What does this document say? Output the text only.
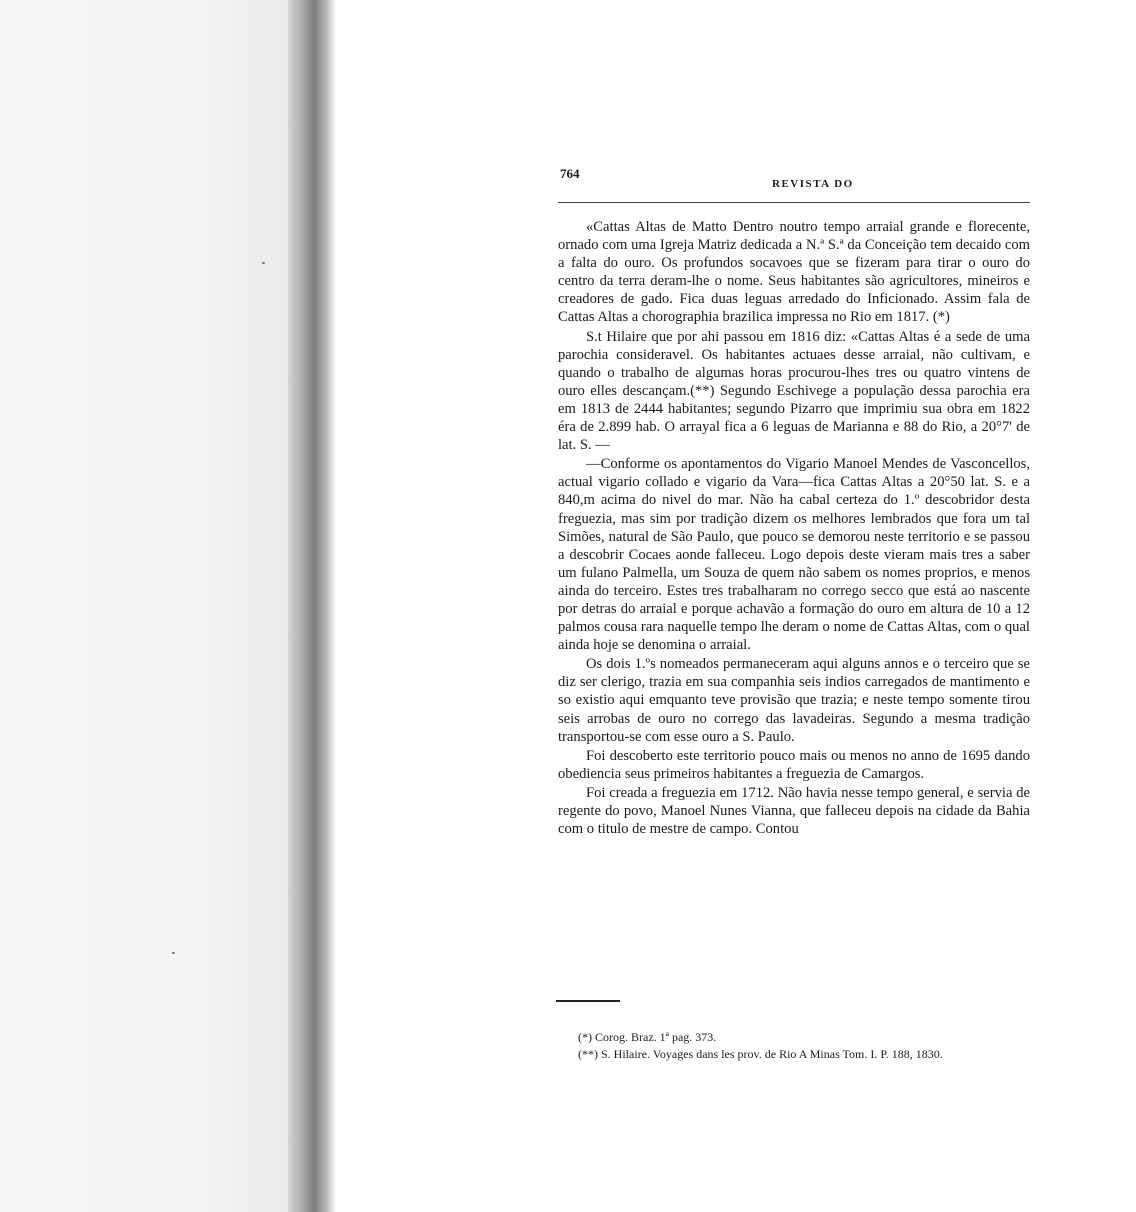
764
REVISTA DO

«Cattas Altas de Matto Dentro noutro tempo arraial grande e florecente, ornado com uma Igreja Matriz dedicada a N.ª S.ª da Conceição tem decaido com a falta do ouro. Os profundos socavoes que se fizeram para tirar o ouro do centro da terra deram-lhe o nome. Seus habitantes são agricultores, mineiros e creadores de gado. Fica duas leguas arredado do Inficionado. Assim fala de Cattas Altas a chorographia brazilica impressa no Rio em 1817. (*)

S.t Hilaire que por ahi passou em 1816 diz: «Cattas Altas é a sede de uma parochia consideravel. Os habitantes actuaes desse arraial, não cultivam, e quando o trabalho de algumas horas procurou-lhes tres ou quatro vintens de ouro elles descançam.(**) Segundo Eschivege a população dessa parochia era em 1813 de 2444 habitantes; segundo Pizarro que imprimiu sua obra em 1822 éra de 2.899 hab. O arrayal fica a 6 leguas de Marianna e 88 do Rio, a 20°7' de lat. S. —

—Conforme os apontamentos do Vigario Manoel Mendes de Vasconcellos, actual vigario collado e vigario da Vara—fica Cattas Altas a 20°50 lat. S. e a 840,m acima do nivel do mar. Não ha cabal certeza do 1.º descobridor desta freguezia, mas sim por tradição dizem os melhores lembrados que fora um tal Simões, natural de São Paulo, que pouco se demorou neste territorio e se passou a descobrir Cocaes aonde falleceu. Logo depois deste vieram mais tres a saber um fulano Palmella, um Souza de quem não sabem os nomes proprios, e menos ainda do terceiro. Estes tres trabalharam no corrego secco que está ao nascente por detras do arraial e porque achavão a formação do ouro em altura de 10 a 12 palmos cousa rara naquelle tempo lhe deram o nome de Cattas Altas, com o qual ainda hoje se denomina o arraial.

Os dois 1.ºs nomeados permaneceram aqui alguns annos e o terceiro que se diz ser clerigo, trazia em sua companhia seis indios carregados de mantimento e so existio aqui emquanto teve provisão que trazia; e neste tempo somente tirou seis arrobas de ouro no corrego das lavadeiras. Segundo a mesma tradição transportou-se com esse ouro a S. Paulo.

Foi descoberto este territorio pouco mais ou menos no anno de 1695 dando obediencia seus primeiros habitantes a freguezia de Camargos.

Foi creada a freguezia em 1712. Não havia nesse tempo general, e servia de regente do povo, Manoel Nunes Vianna, que falleceu depois na cidade da Bahia com o titulo de mestre de campo. Contou

(*) Corog. Braz. 1ª pag. 373.

(**) S. Hilaire. Voyages dans les prov. de Rio A Minas Tom. I. P. 188, 1830.
